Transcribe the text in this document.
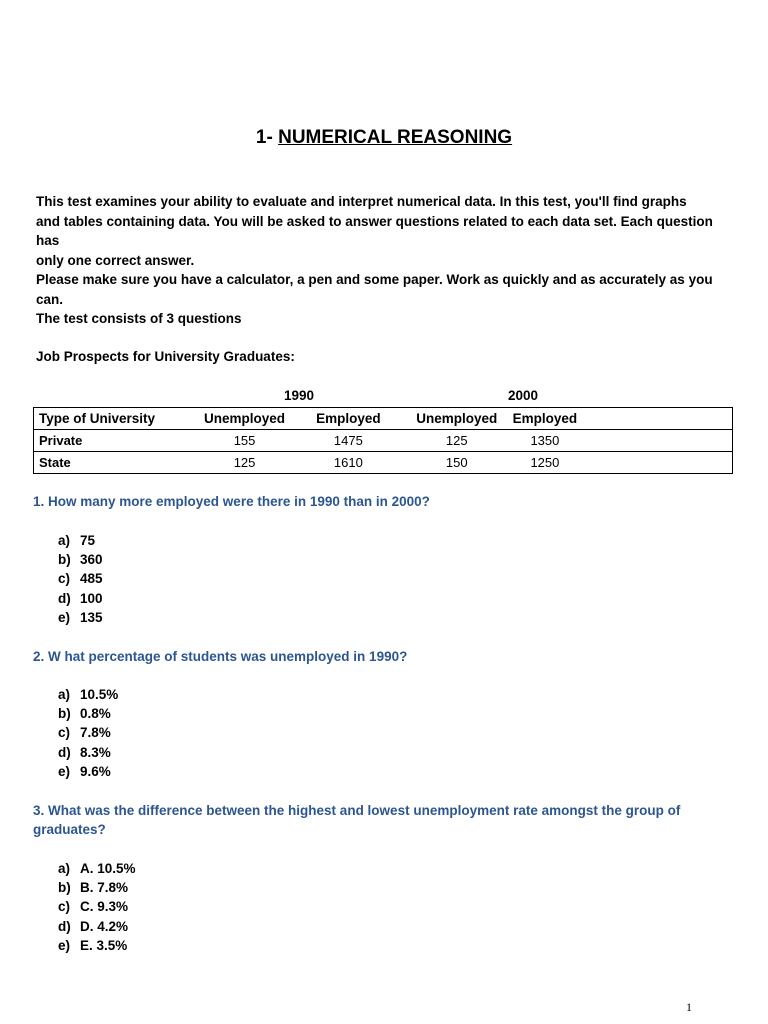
1- NUMERICAL REASONING
This test examines your ability to evaluate and interpret numerical data. In this test, you'll find graphs
and tables containing data. You will be asked to answer questions related to each data set. Each question has
only one correct answer.
Please make sure you have a calculator, a pen and some paper. Work as quickly and as accurately as you can.
The test consists of 3 questions
Job Prospects for University Graduates:
1990	2000
Type of University	Unemployed	Employed	Unemployed	Employed	
Private	155	1475	125	1350	
State	125	1610	150	1250	
1. How many more employed were there in 1990 than in 2000?
a) 75
b) 360
c) 485
d) 100
e) 135
2. W hat percentage of students was unemployed in 1990?
a) 10.5%
b) 0.8%
c) 7.8%
d) 8.3%
e) 9.6%
3. What was the difference between the highest and lowest unemployment rate amongst the group of
graduates?
a) A. 10.5%
b) B. 7.8%
c) C. 9.3%
d) D. 4.2%
e) E. 3.5%
1
